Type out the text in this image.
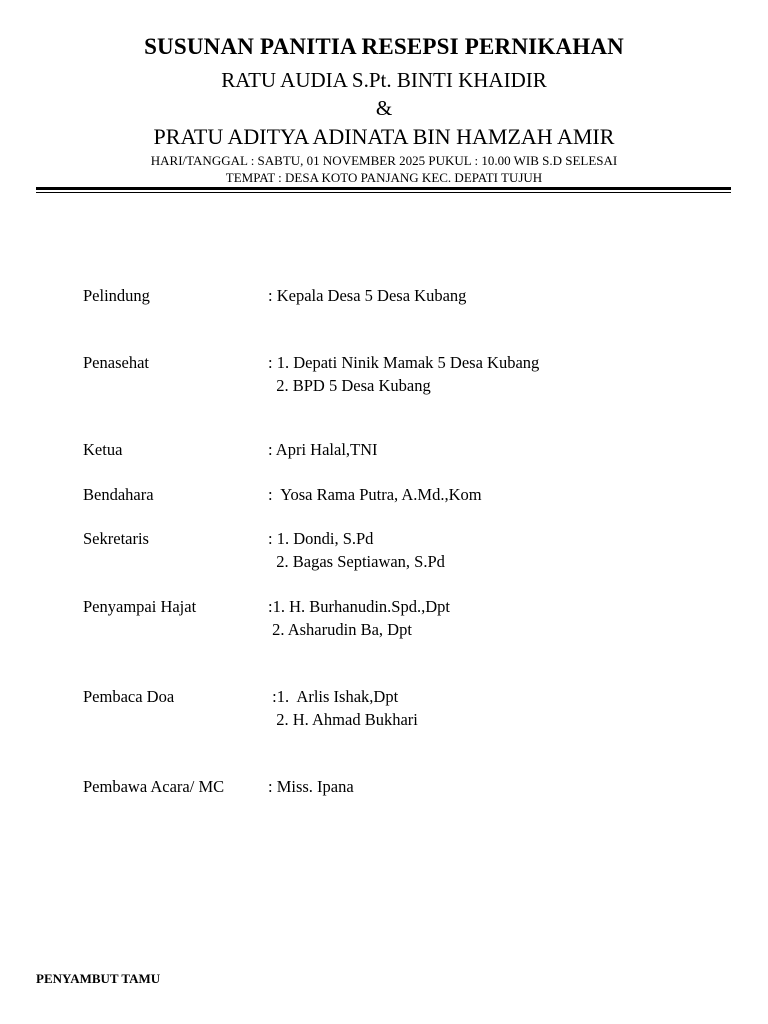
SUSUNAN PANITIA RESEPSI PERNIKAHAN
RATU AUDIA S.Pt. BINTI KHAIDIR
&
PRATU ADITYA ADINATA BIN HAMZAH AMIR
HARI/TANGGAL : SABTU, 01 NOVEMBER 2025 PUKUL : 10.00 WIB S.D SELESAI
TEMPAT : DESA KOTO PANJANG KEC. DEPATI TUJUH
Pelindung	: Kepala Desa 5 Desa Kubang
Penasehat	: 1. Depati Ninik Mamak 5 Desa Kubang
2. BPD 5 Desa Kubang
Ketua	: Apri Halal,TNI
Bendahara	:  Yosa Rama Putra, A.Md.,Kom
Sekretaris	: 1. Dondi, S.Pd
2. Bagas Septiawan, S.Pd
Penyampai Hajat	:1. H. Burhanudin.Spd.,Dpt
2. Asharudin Ba, Dpt
Pembaca Doa	:1.  Arlis Ishak,Dpt
2. H. Ahmad Bukhari
Pembawa Acara/ MC	: Miss. Ipana
PENYAMBUT TAMU
